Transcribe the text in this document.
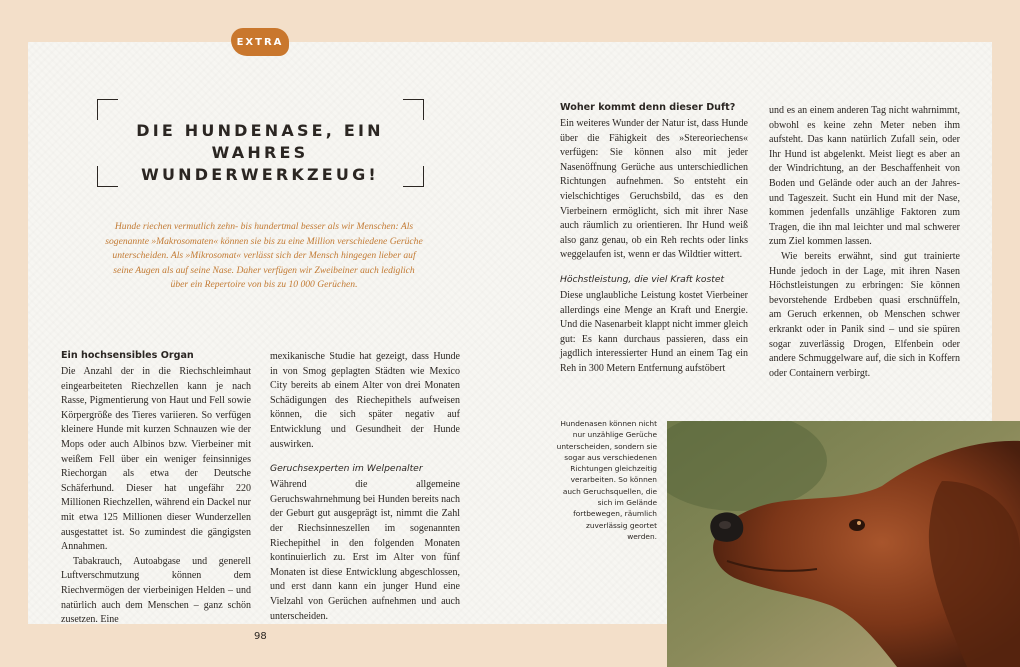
EXTRA
DIE HUNDENASE, EIN WAHRES WUNDERWERKZEUG!

Hunde riechen vermutlich zehn- bis hundertmal besser als wir Menschen: Als sogenannte »Makrosomaten« können sie bis zu eine Million verschiedene Gerüche unterscheiden. Als »Mikrosomat« verlässt sich der Mensch hingegen lieber auf seine Augen als auf seine Nase. Daher verfügen wir Zweibeiner auch lediglich über ein Repertoire von bis zu 10 000 Gerüchen.

Ein hochsensibles Organ

Die Anzahl der in die Riechschleimhaut eingearbeiteten Riechzellen kann je nach Rasse, Pigmentierung von Haut und Fell sowie Körpergröße des Tieres variieren. So verfügen kleinere Hunde mit kurzen Schnauzen wie der Mops oder auch Albinos bzw. Vierbeiner mit weißem Fell über ein weniger feinsinniges Riechorgan als etwa der Deutsche Schäferhund. Dieser hat ungefähr 220 Millionen Riechzellen, während ein Dackel nur mit etwa 125 Millionen dieser Wunderzellen ausgestattet ist. So zumindest die gängigsten Annahmen.

Tabakrauch, Autoabgase und generell Luftverschmutzung können dem Riechvermögen der vierbeinigen Helden – und natürlich auch dem Menschen – ganz schön zusetzen. Eine

mexikanische Studie hat gezeigt, dass Hunde in von Smog geplagten Städten wie Mexico City bereits ab einem Alter von drei Monaten Schädigungen des Riechepithels aufweisen können, die sich später negativ auf Entwicklung und Gesundheit der Hunde auswirken.

Geruchsexperten im Welpenalter

Während die allgemeine Geruchswahrnehmung bei Hunden bereits nach der Geburt gut ausgeprägt ist, nimmt die Zahl der Riechsinneszellen im sogenannten Riechepithel in den folgenden Monaten kontinuierlich zu. Erst im Alter von fünf Monaten ist diese Entwicklung abgeschlossen, und erst dann kann ein junger Hund eine Vielzahl von Gerüchen aufnehmen und auch unterscheiden.

Woher kommt denn dieser Duft?

Ein weiteres Wunder der Natur ist, dass Hunde über die Fähigkeit des »Stereoriechens« verfügen: Sie können also mit jeder Nasenöffnung Gerüche aus unterschiedlichen Richtungen aufnehmen. So entsteht ein vielschichtiges Geruchsbild, das es den Vierbeinern ermöglicht, sich mit ihrer Nase auch räumlich zu orientieren. Ihr Hund weiß also ganz genau, ob ein Reh rechts oder links weggelaufen ist, wenn er das Wildtier wittert.

Höchstleistung, die viel Kraft kostet

Diese unglaubliche Leistung kostet Vierbeiner allerdings eine Menge an Kraft und Energie. Und die Nasenarbeit klappt nicht immer gleich gut: Es kann durchaus passieren, dass ein jagdlich interessierter Hund an einem Tag ein Reh in 300 Metern Entfernung aufstöbert

und es an einem anderen Tag nicht wahrnimmt, obwohl es keine zehn Meter neben ihm aufsteht. Das kann natürlich Zufall sein, oder Ihr Hund ist abgelenkt. Meist liegt es aber an der Windrichtung, an der Beschaffenheit von Boden und Gelände oder auch an der Jahres- und Tageszeit. Sucht ein Hund mit der Nase, kommen jedenfalls unzählige Faktoren zum Tragen, die ihn mal leichter und mal schwerer zum Ziel kommen lassen.

Wie bereits erwähnt, sind gut trainierte Hunde jedoch in der Lage, mit ihren Nasen Höchstleistungen zu erbringen: Sie können bevorstehende Erdbeben quasi erschnüffeln, am Geruch erkennen, ob Menschen schwer erkrankt oder in Panik sind – und sie spüren sogar zuverlässig Drogen, Elfenbein oder andere Schmuggelware auf, die sich in Koffern oder Containern verbirgt.

Hundenasen können nicht nur unzählige Gerüche unterscheiden, sondern sie sogar aus verschiedenen Richtungen gleichzeitig verarbeiten. So können auch Geruchsquellen, die sich im Gelände fortbewegen, räumlich zuverlässig geortet werden.

98
